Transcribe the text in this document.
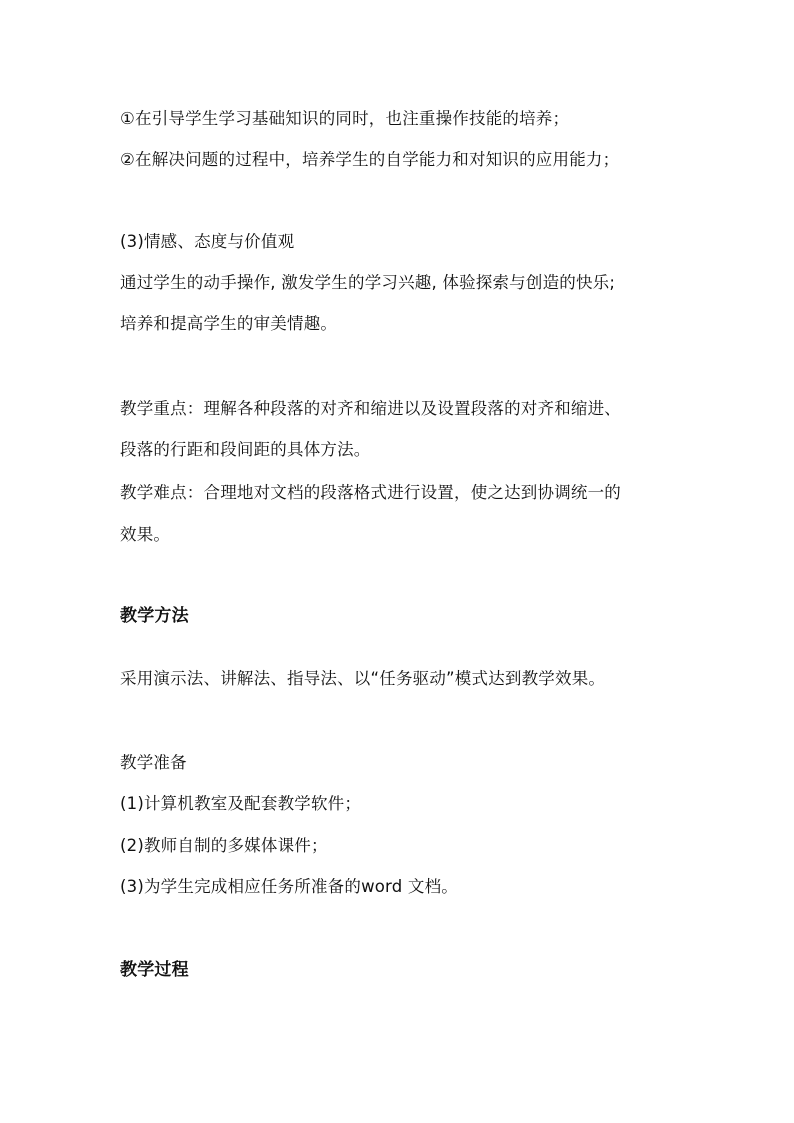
①在引导学生学习基础知识的同时，也注重操作技能的培养；
②在解决问题的过程中，培养学生的自学能力和对知识的应用能力；
(3)情感、态度与价值观
通过学生的动手操作, 激发学生的学习兴趣, 体验探索与创造的快乐;
培养和提高学生的审美情趣。
教学重点：理解各种段落的对齐和缩进以及设置段落的对齐和缩进、
段落的行距和段间距的具体方法。
教学难点：合理地对文档的段落格式进行设置，使之达到协调统一的
效果。
教学方法
采用演示法、讲解法、指导法、以“任务驱动”模式达到教学效果。
教学准备
(1)计算机教室及配套教学软件；
(2)教师自制的多媒体课件；
(3)为学生完成相应任务所准备的word 文档。
教学过程
